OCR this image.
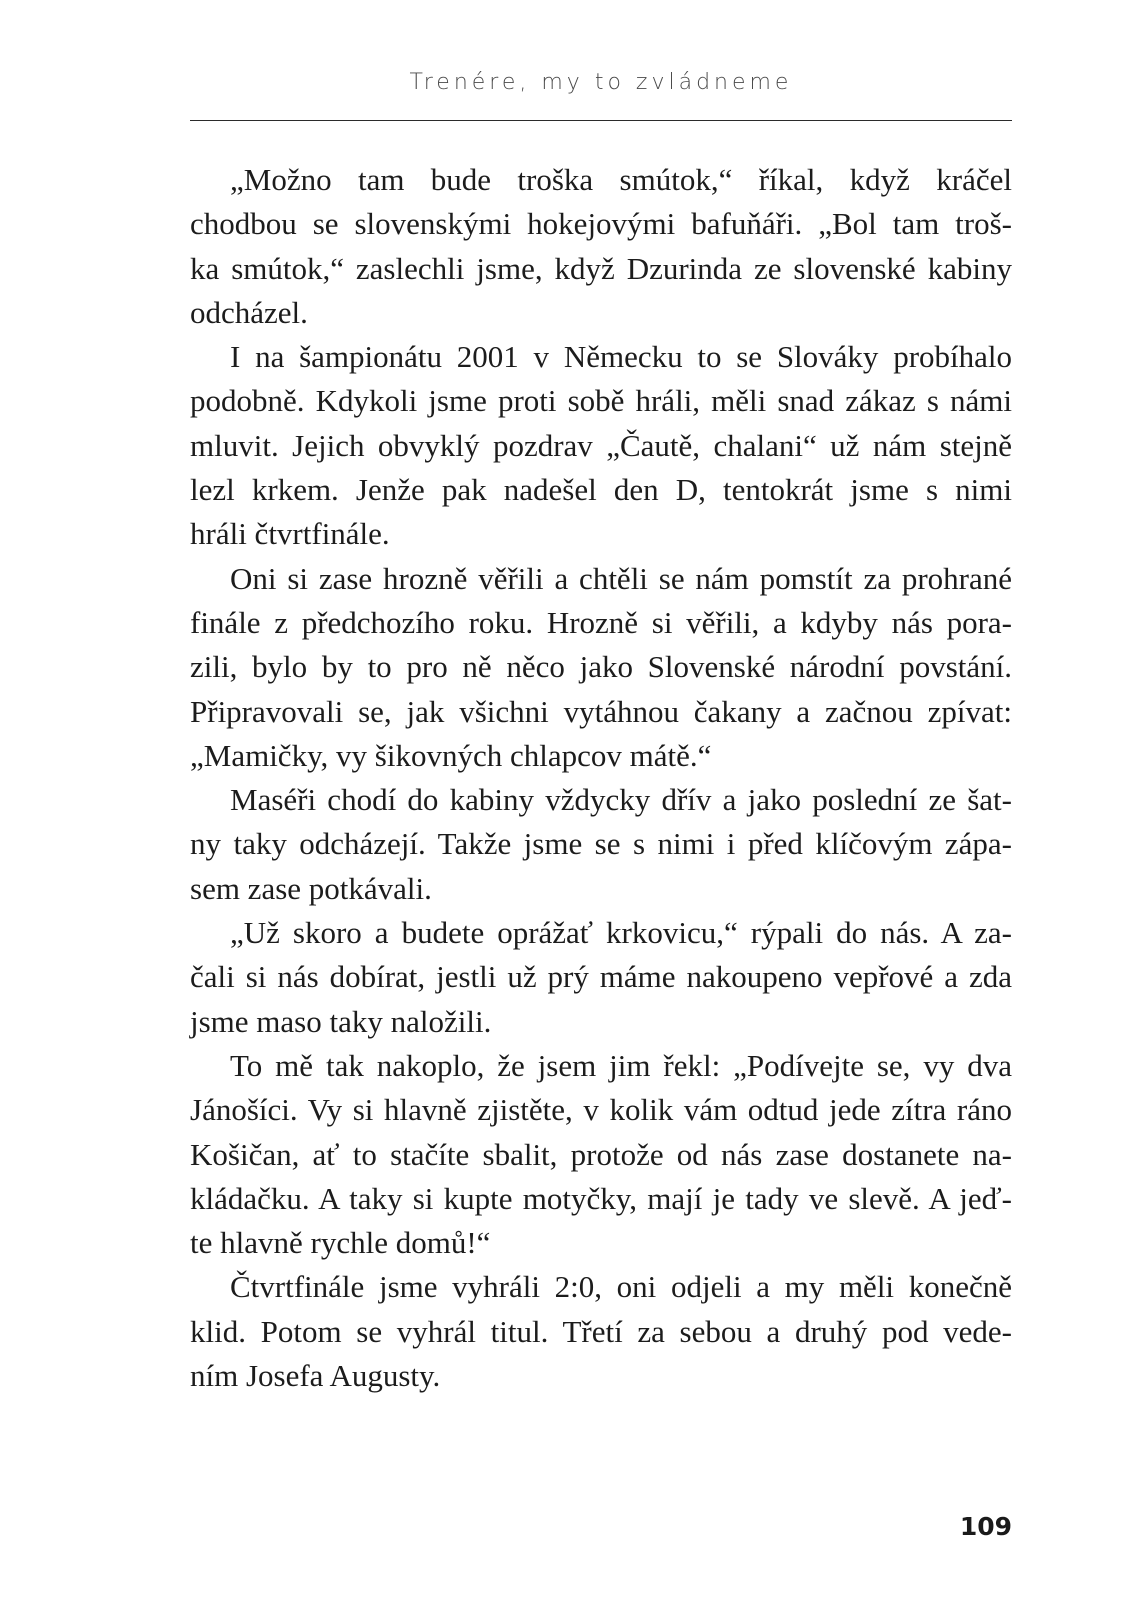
Trenére, my to zvládneme
„Možno tam bude troška smútok,“ říkal, když kráčel
chodbou se slovenskými hokejovými bafuňáři. „Bol tam troš-
ka smútok,“ zaslechli jsme, když Dzurinda ze slovenské kabiny
odcházel.
I na šampionátu 2001 v Německu to se Slováky probíhalo
podobně. Kdykoli jsme proti sobě hráli, měli snad zákaz s námi
mluvit. Jejich obvyklý pozdrav „Čautě, chalani“ už nám stejně
lezl krkem. Jenže pak nadešel den D, tentokrát jsme s nimi
hráli čtvrtfinále.
Oni si zase hrozně věřili a chtěli se nám pomstít za prohrané
finále z předchozího roku. Hrozně si věřili, a kdyby nás pora-
zili, bylo by to pro ně něco jako Slovenské národní povstání.
Připravovali se, jak všichni vytáhnou čakany a začnou zpívat:
„Mamičky, vy šikovných chlapcov mátě.“
Maséři chodí do kabiny vždycky dřív a jako poslední ze šat-
ny taky odcházejí. Takže jsme se s nimi i před klíčovým zápa-
sem zase potkávali.
„Už skoro a budete oprážať krkovicu,“ rýpali do nás. A za-
čali si nás dobírat, jestli už prý máme nakoupeno vepřové a zda
jsme maso taky naložili.
To mě tak nakoplo, že jsem jim řekl: „Podívejte se, vy dva
Jánošíci. Vy si hlavně zjistěte, v kolik vám odtud jede zítra ráno
Košičan, ať to stačíte sbalit, protože od nás zase dostanete na-
kládačku. A taky si kupte motyčky, mají je tady ve slevě. A jeď-
te hlavně rychle domů!“
Čtvrtfinále jsme vyhráli 2:0, oni odjeli a my měli konečně
klid. Potom se vyhrál titul. Třetí za sebou a druhý pod vede-
ním Josefa Augusty.
109
